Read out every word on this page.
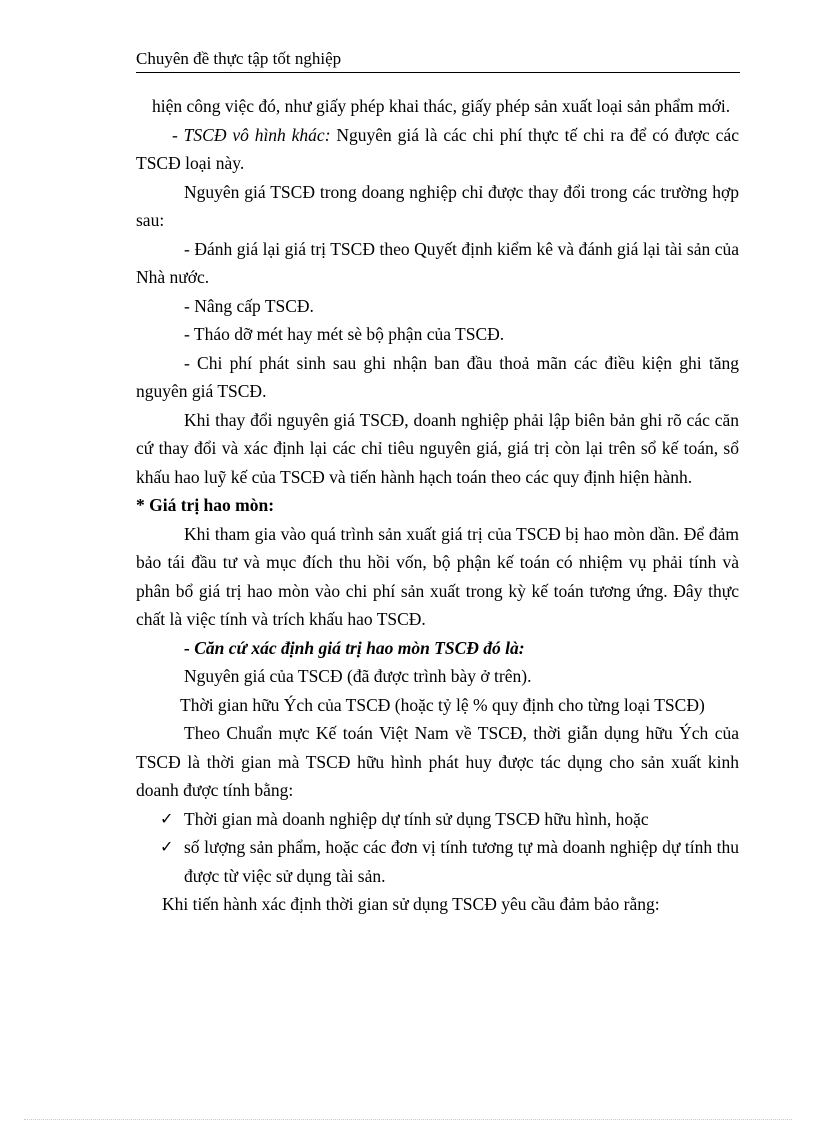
Chuyên đề thực tập tốt nghiệp

hiện công việc đó, như giấy phép khai thác, giấy phép sản xuất loại sản phẩm mới.

- TSCĐ vô hình khác: Nguyên giá là các chi phí thực tế chi ra để có được các TSCĐ loại này.

Nguyên giá TSCĐ trong doang nghiệp chỉ được thay đổi trong các trường hợp sau:

- Đánh giá lại giá trị TSCĐ theo Quyết định kiểm kê và đánh giá lại tài sản của Nhà nước.

- Nâng cấp TSCĐ.

- Tháo dỡ mét hay mét sè bộ phận của TSCĐ.

- Chi phí phát sinh sau ghi nhận ban đầu thoả mãn các điều kiện ghi tăng nguyên giá TSCĐ.

Khi thay đổi nguyên giá TSCĐ, doanh nghiệp phải lập biên bản ghi rõ các căn cứ thay đổi và xác định lại các chỉ tiêu nguyên giá, giá trị còn lại trên sổ kế toán, sổ khấu hao luỹ kế của TSCĐ và tiến hành hạch toán theo các quy định hiện hành.

* Giá trị hao mòn:

Khi tham gia vào quá trình sản xuất giá trị của TSCĐ bị hao mòn dần. Để đảm bảo tái đầu tư và mục đích thu hồi vốn, bộ phận kế toán có nhiệm vụ phải tính và phân bổ giá trị hao mòn vào chi phí sản xuất trong kỳ kế toán tương ứng. Đây thực chất là việc tính và trích khấu hao TSCĐ.

- Căn cứ xác định giá trị hao mòn TSCĐ đó là:

Nguyên giá của TSCĐ (đã được trình bày ở trên).

Thời gian hữu Ých của TSCĐ (hoặc tỷ lệ % quy định cho từng loại TSCĐ)

Theo Chuẩn mực Kế toán Việt Nam về TSCĐ, thời giẫn dụng hữu Ých của TSCĐ là thời gian mà TSCĐ hữu hình phát huy được tác dụng cho sản xuất kinh doanh được tính bằng:

✓ Thời gian mà doanh nghiệp dự tính sử dụng TSCĐ hữu hình, hoặc

✓ số lượng sản phẩm, hoặc các đơn vị tính tương tự mà doanh nghiệp dự tính thu được từ việc sử dụng tài sản.

Khi tiến hành xác định thời gian sử dụng TSCĐ yêu cầu đảm bảo rằng:
